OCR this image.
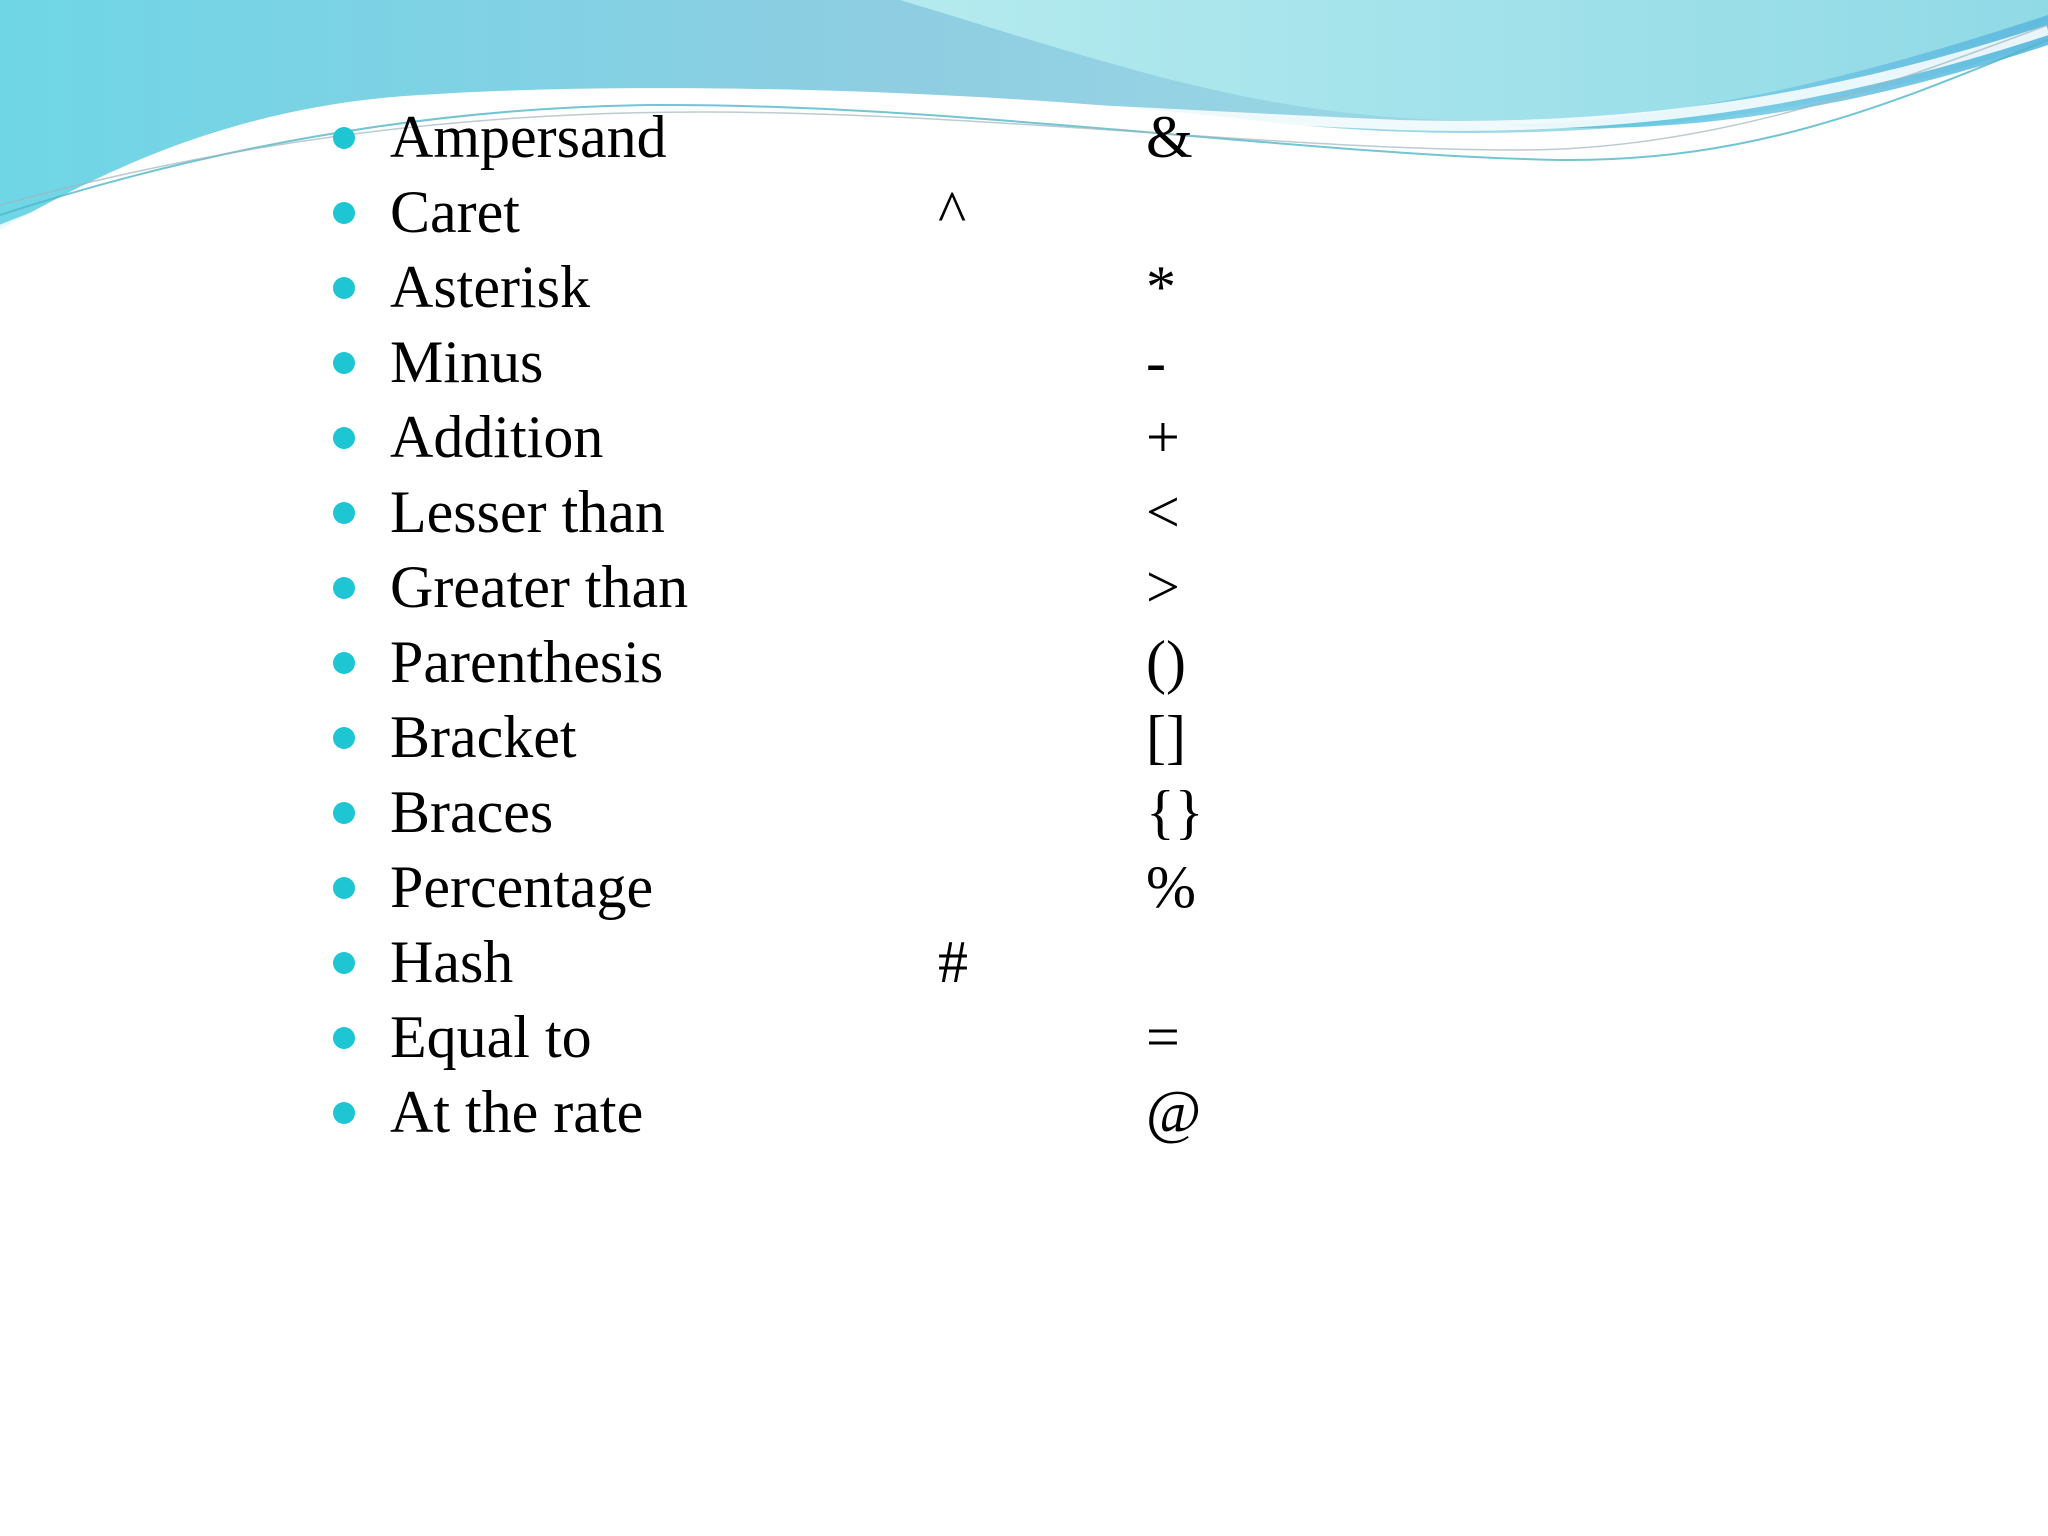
Ampersand	&
Caret	^
Asterisk	*
Minus	-
Addition	+
Lesser than	<
Greater than	>
Parenthesis	()
Bracket	[]
Braces	{}
Percentage	%
Hash	#
Equal to	=
At the rate	@
